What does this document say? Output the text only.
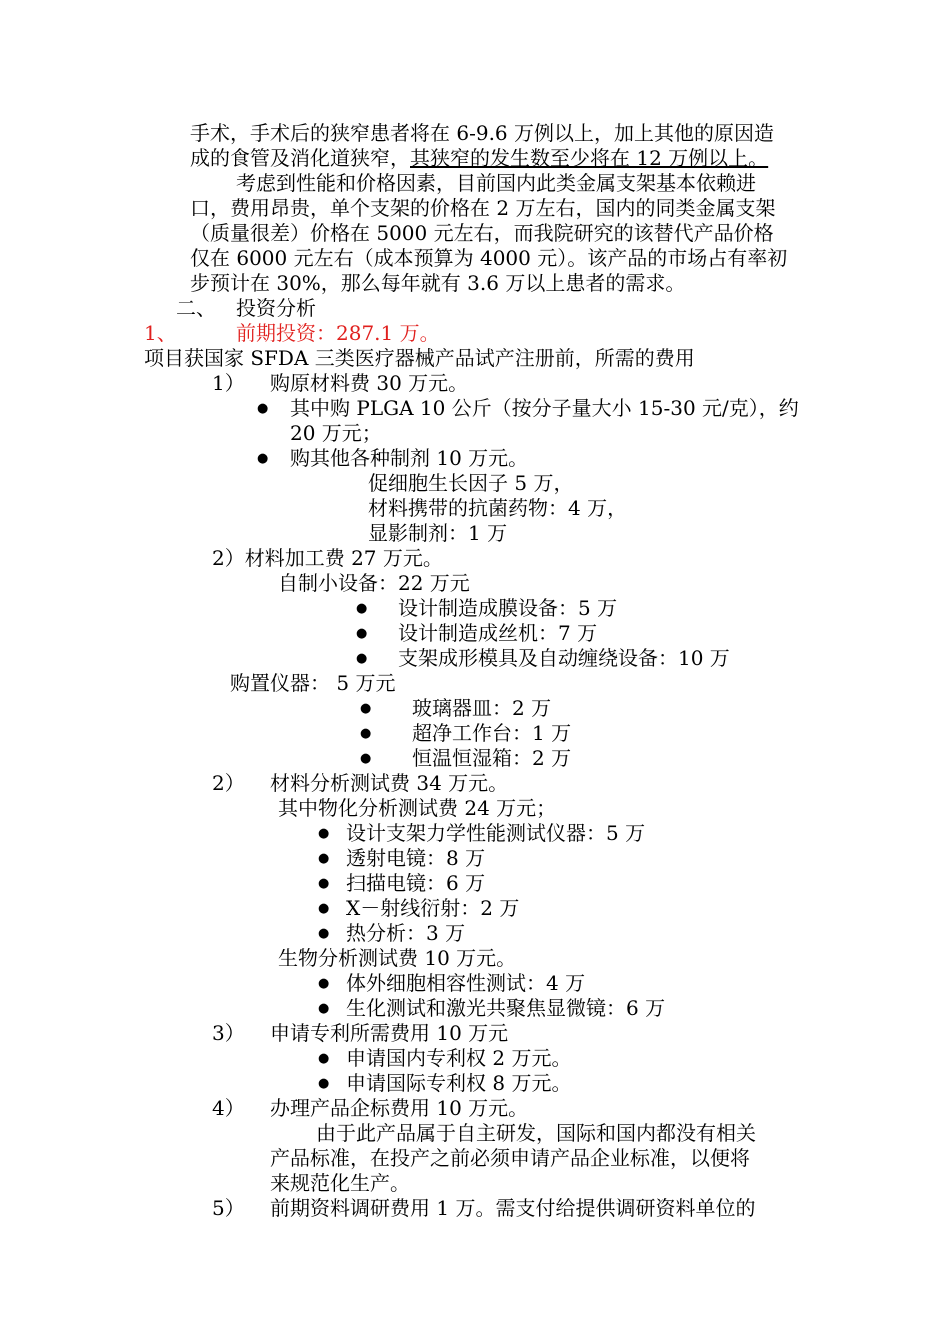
手术，手术后的狭窄患者将在 6-9.6 万例以上，加上其他的原因造
成的食管及消化道狭窄，其狭窄的发生数至少将在 12 万例以上。
考虑到性能和价格因素，目前国内此类金属支架基本依赖进
口，费用昂贵，单个支架的价格在 2 万左右，国内的同类金属支架
（质量很差）价格在 5000 元左右，而我院研究的该替代产品价格
仅在 6000 元左右（成本预算为 4000 元）。该产品的市场占有率初
步预计在 30%，那么每年就有 3.6 万以上患者的需求。
二、 投资分析
1、	前期投资：287.1 万。
项目获国家 SFDA 三类医疗器械产品试产注册前，所需的费用
1） 购原材料费 30 万元。
● 其中购 PLGA 10 公斤（按分子量大小 15-30 元/克），约
20 万元；
● 购其他各种制剂 10 万元。
促细胞生长因子 5 万，
材料携带的抗菌药物：4 万，
显影制剂：1 万
2）材料加工费 27 万元。
自制小设备：22 万元
● 设计制造成膜设备：5 万
● 设计制造成丝机：7 万
● 支架成形模具及自动缠绕设备：10 万
购置仪器： 5 万元
● 玻璃器皿：2 万
● 超净工作台：1 万
● 恒温恒湿箱：2 万
2） 材料分析测试费 34 万元。
其中物化分析测试费 24 万元；
● 设计支架力学性能测试仪器：5 万
● 透射电镜：8 万
● 扫描电镜：6 万
● X－射线衍射：2 万
● 热分析：3 万
生物分析测试费 10 万元。
● 体外细胞相容性测试：4 万
● 生化测试和激光共聚焦显微镜：6 万
3） 申请专利所需费用 10 万元
● 申请国内专利权 2 万元。
● 申请国际专利权 8 万元。
4） 办理产品企标费用 10 万元。
由于此产品属于自主研发，国际和国内都没有相关
产品标准，在投产之前必须申请产品企业标准，以便将
来规范化生产。
5） 前期资料调研费用 1 万。需支付给提供调研资料单位的
